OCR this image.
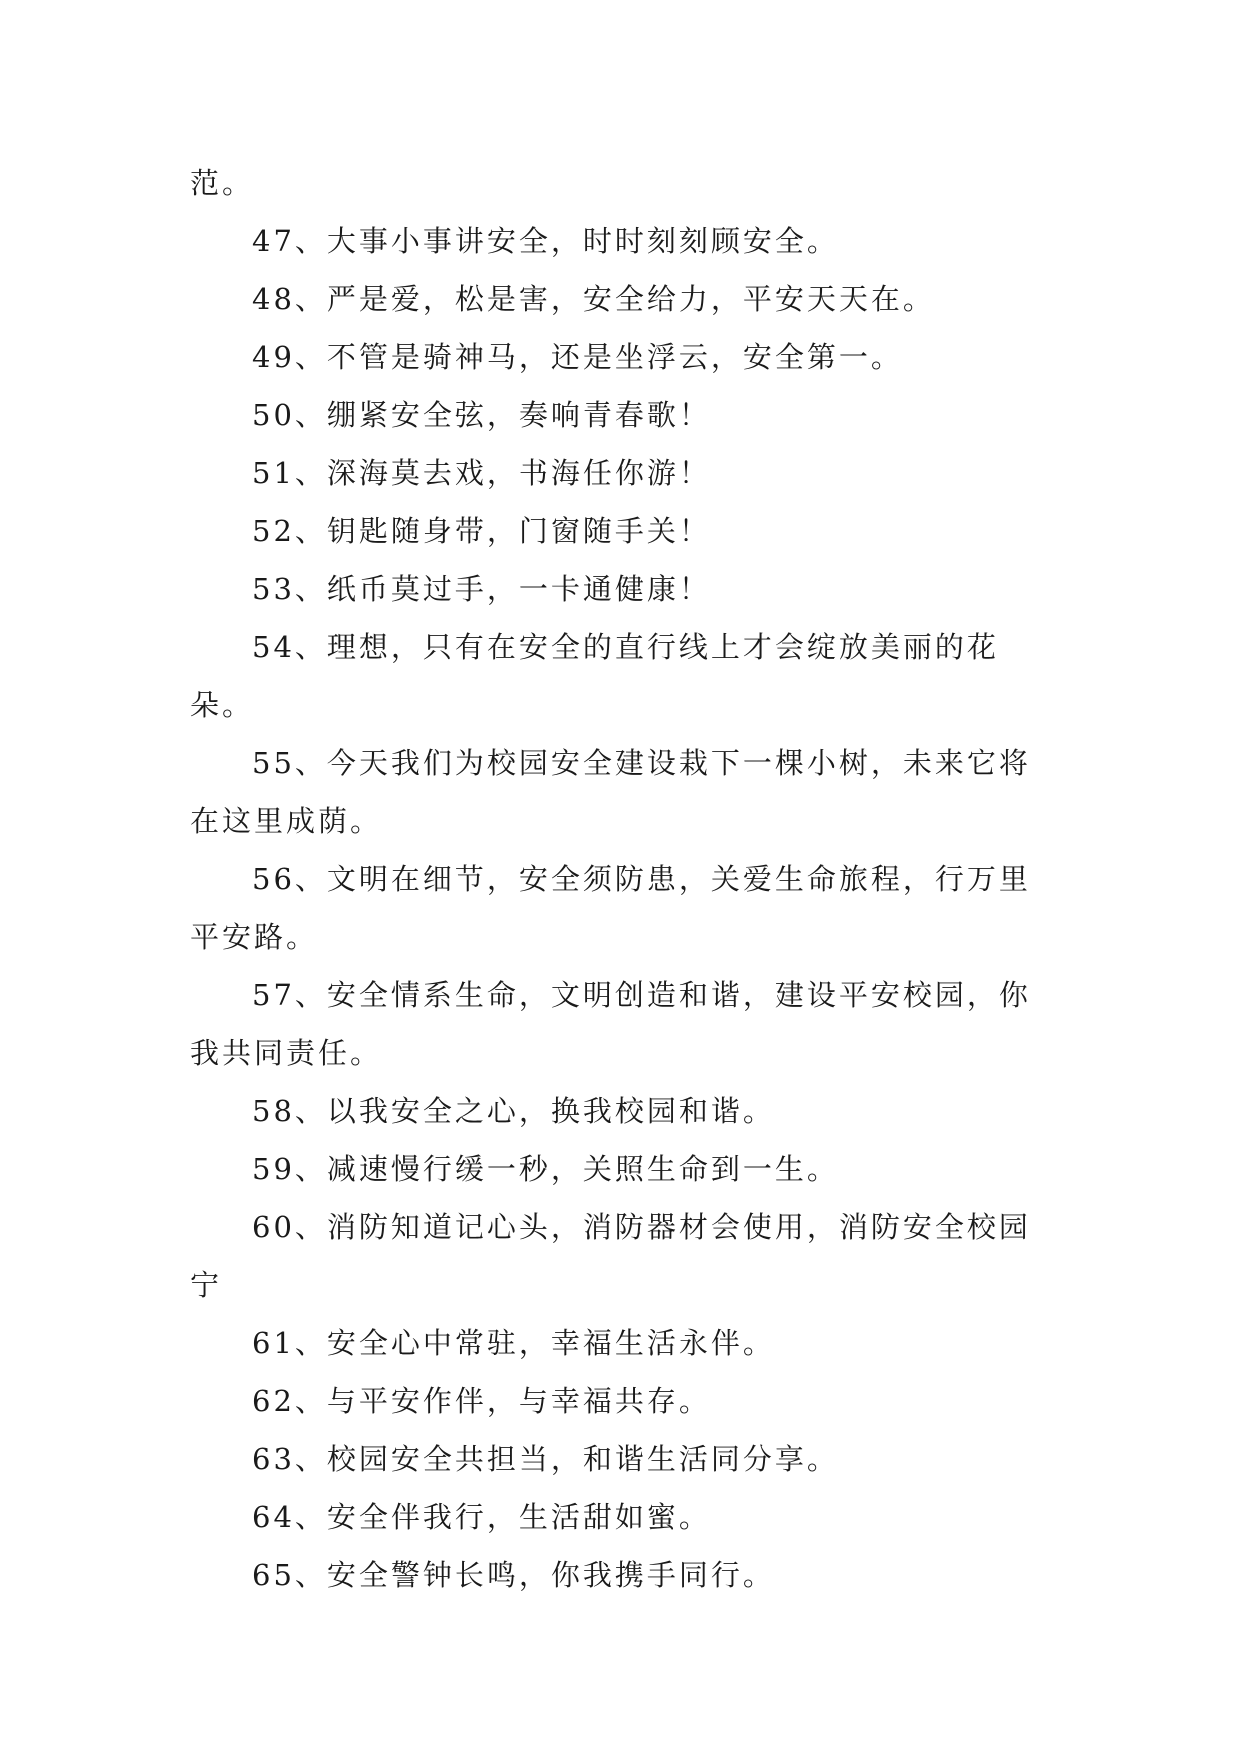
范。

47、大事小事讲安全，时时刻刻顾安全。

48、严是爱，松是害，安全给力，平安天天在。

49、不管是骑神马，还是坐浮云，安全第一。

50、绷紧安全弦，奏响青春歌！

51、深海莫去戏，书海任你游！

52、钥匙随身带，门窗随手关！

53、纸币莫过手，一卡通健康！

54、理想，只有在安全的直行线上才会绽放美丽的花朵。

55、今天我们为校园安全建设栽下一棵小树，未来它将在这里成荫。

56、文明在细节，安全须防患，关爱生命旅程，行万里平安路。

57、安全情系生命，文明创造和谐，建设平安校园，你我共同责任。

58、以我安全之心，换我校园和谐。

59、减速慢行缓一秒，关照生命到一生。

60、消防知道记心头，消防器材会使用，消防安全校园宁

61、安全心中常驻，幸福生活永伴。

62、与平安作伴，与幸福共存。

63、校园安全共担当，和谐生活同分享。

64、安全伴我行，生活甜如蜜。

65、安全警钟长鸣，你我携手同行。
